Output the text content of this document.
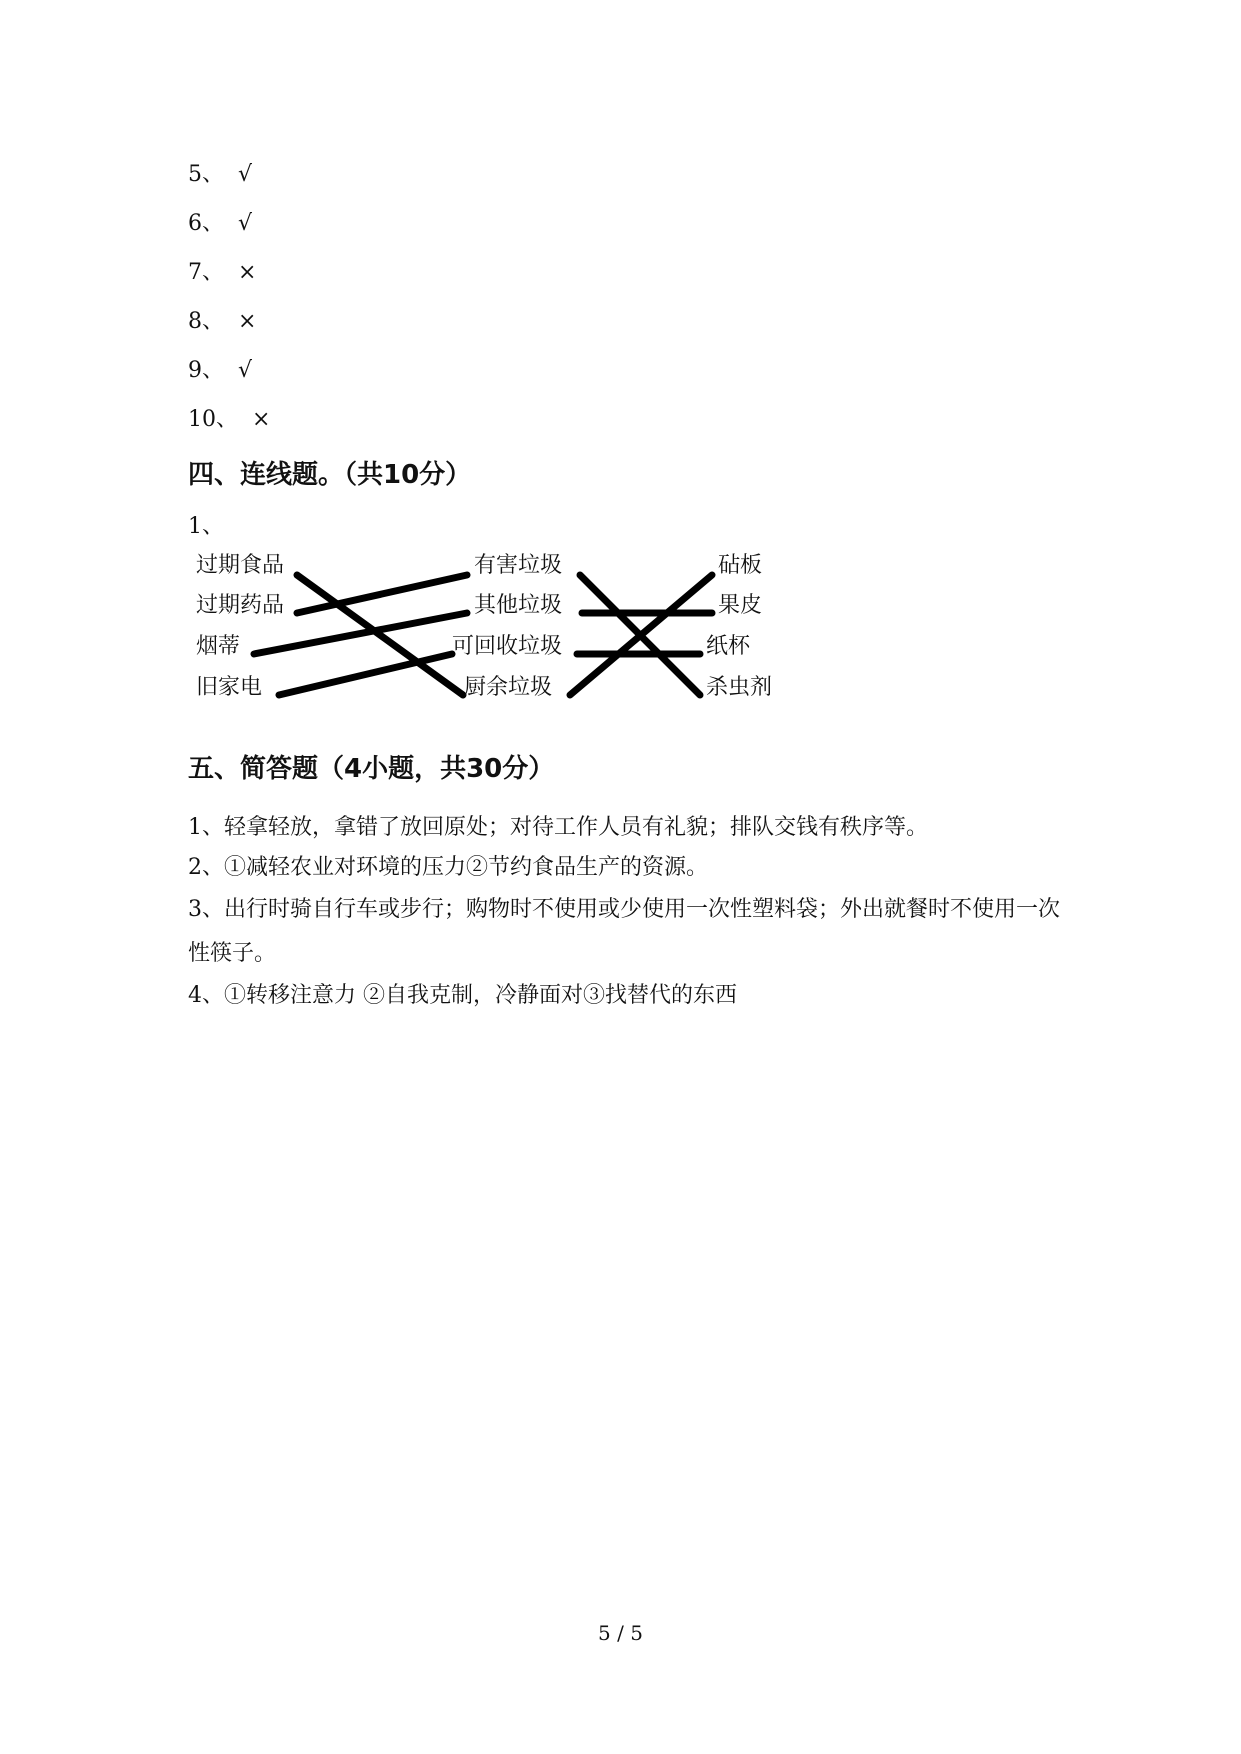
5、 √
6、 √
7、 ×
8、 ×
9、 √
10、 ×
四、连线题。（共10分）
1、
过期食品
过期药品
烟蒂
旧家电
有害垃圾
其他垃圾
可回收垃圾
厨余垃圾
砧板
果皮
纸杯
杀虫剂
五、简答题（4小题，共30分）
1、轻拿轻放，拿错了放回原处；对待工作人员有礼貌；排队交钱有秩序等。
2、①减轻农业对环境的压力②节约食品生产的资源。
3、出行时骑自行车或步行；购物时不使用或少使用一次性塑料袋；外出就餐时不使用一次性筷子。
4、①转移注意力 ②自我克制，冷静面对③找替代的东西
5 / 5
